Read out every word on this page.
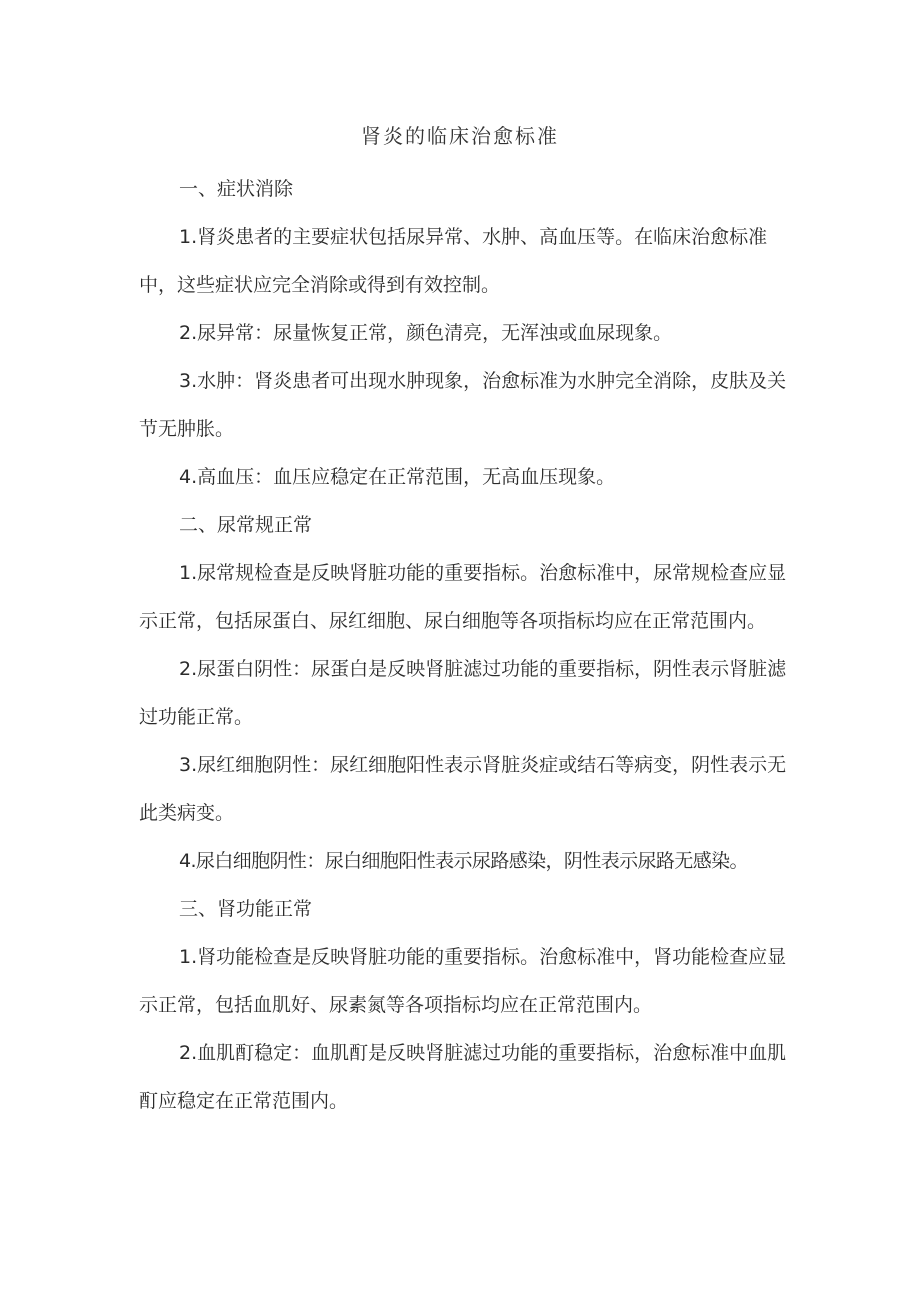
肾炎的临床治愈标准

一、症状消除

1.肾炎患者的主要症状包括尿异常、水肿、高血压等。在临床治愈标准中，这些症状应完全消除或得到有效控制。

2.尿异常：尿量恢复正常，颜色清亮，无浑浊或血尿现象。

3.水肿：肾炎患者可出现水肿现象，治愈标准为水肿完全消除，皮肤及关节无肿胀。

4.高血压：血压应稳定在正常范围，无高血压现象。

二、尿常规正常

1.尿常规检查是反映肾脏功能的重要指标。治愈标准中，尿常规检查应显示正常，包括尿蛋白、尿红细胞、尿白细胞等各项指标均应在正常范围内。

2.尿蛋白阴性：尿蛋白是反映肾脏滤过功能的重要指标，阴性表示肾脏滤过功能正常。

3.尿红细胞阴性：尿红细胞阳性表示肾脏炎症或结石等病变，阴性表示无此类病变。

4.尿白细胞阴性：尿白细胞阳性表示尿路感染，阴性表示尿路无感染。

三、肾功能正常

1.肾功能检查是反映肾脏功能的重要指标。治愈标准中，肾功能检查应显示正常，包括血肌好、尿素氮等各项指标均应在正常范围内。

2.血肌酊稳定：血肌酊是反映肾脏滤过功能的重要指标，治愈标准中血肌酊应稳定在正常范围内。
